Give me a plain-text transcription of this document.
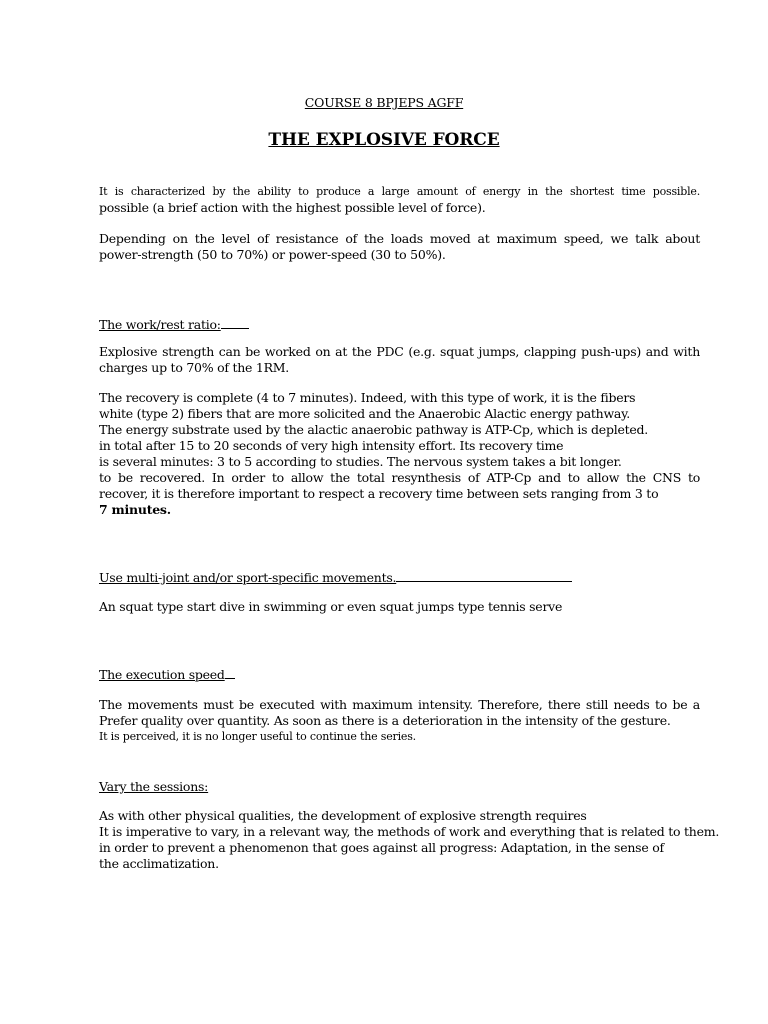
COURSE 8 BPJEPS AGFF
THE EXPLOSIVE FORCE
It is characterized by the ability to produce a large amount of energy in the shortest time possible.
possible (a brief action with the highest possible level of force).
Depending on the level of resistance of the loads moved at maximum speed, we talk about
power-strength (50 to 70%) or power-speed (30 to 50%).
The work/rest ratio:
Explosive strength can be worked on at the PDC (e.g. squat jumps, clapping push-ups) and with
charges up to 70% of the 1RM.
The recovery is complete (4 to 7 minutes). Indeed, with this type of work, it is the fibers
white (type 2) fibers that are more solicited and the Anaerobic Alactic energy pathway.
The energy substrate used by the alactic anaerobic pathway is ATP-Cp, which is depleted.
in total after 15 to 20 seconds of very high intensity effort. Its recovery time
is several minutes: 3 to 5 according to studies. The nervous system takes a bit longer.
to be recovered. In order to allow the total resynthesis of ATP-Cp and to allow the CNS to
recover, it is therefore important to respect a recovery time between sets ranging from 3 to
7 minutes.
Use multi-joint and/or sport-specific movements.
An squat type start dive in swimming or even squat jumps type tennis serve
The execution speed
The movements must be executed with maximum intensity. Therefore, there still needs to be a
Prefer quality over quantity. As soon as there is a deterioration in the intensity of the gesture.
It is perceived, it is no longer useful to continue the series.
Vary the sessions:
As with other physical qualities, the development of explosive strength requires
It is imperative to vary, in a relevant way, the methods of work and everything that is related to them.
in order to prevent a phenomenon that goes against all progress: Adaptation, in the sense of
the acclimatization.
